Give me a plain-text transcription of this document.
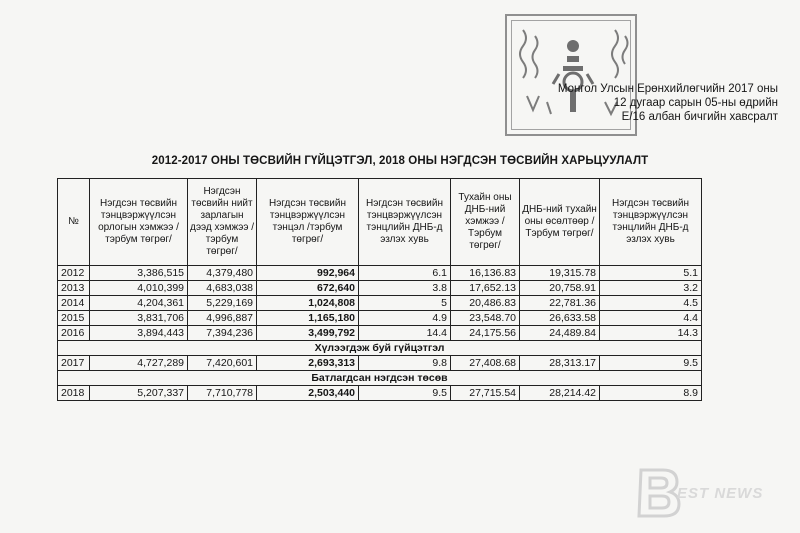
Монгол Улсын Ерөнхийлөгчийн 2017 оны
12 дугаар сарын 05-ны өдрийн
Е/16 албан бичгийн хавсралт
2012-2017 ОНЫ ТӨСВИЙН ГҮЙЦЭТГЭЛ, 2018 ОНЫ НЭГДСЭН ТӨСВИЙН ХАРЬЦУУЛАЛТ
№	Нэгдсэн төсвийн тэнцвэржүүлсэн орлогын хэмжээ /тэрбум төгрөг/	Нэгдсэн төсвийн нийт зарлагын дээд хэмжээ /тэрбум төгрөг/	Нэгдсэн төсвийн тэнцвэржүүлсэн тэнцэл /тэрбум төгрөг/	Нэгдсэн төсвийн тэнцвэржүүлсэн тэнцлийн ДНБ-д эзлэх хувь	Тухайн оны ДНБ-ний хэмжээ /Тэрбум төгрөг/	ДНБ-ний тухайн оны өсөлтөөр /Тэрбум төгрөг/	Нэгдсэн төсвийн тэнцвэржүүлсэн тэнцлийн ДНБ-д эзлэх хувь
2012	3,386,515	4,379,480	992,964	6.1	16,136.83	19,315.78	5.1
2013	4,010,399	4,683,038	672,640	3.8	17,652.13	20,758.91	3.2
2014	4,204,361	5,229,169	1,024,808	5	20,486.83	22,781.36	4.5
2015	3,831,706	4,996,887	1,165,180	4.9	23,548.70	26,633.58	4.4
2016	3,894,443	7,394,236	3,499,792	14.4	24,175.56	24,489.84	14.3
Хүлээгдэж буй гүйцэтгэл							
2017	4,727,289	7,420,601	2,693,313	9.8	27,408.68	28,313.17	9.5
Батлагдсан нэгдсэн төсөв							
2018	5,207,337	7,710,778	2,503,440	9.5	27,715.54	28,214.42	8.9
EST NEWS
